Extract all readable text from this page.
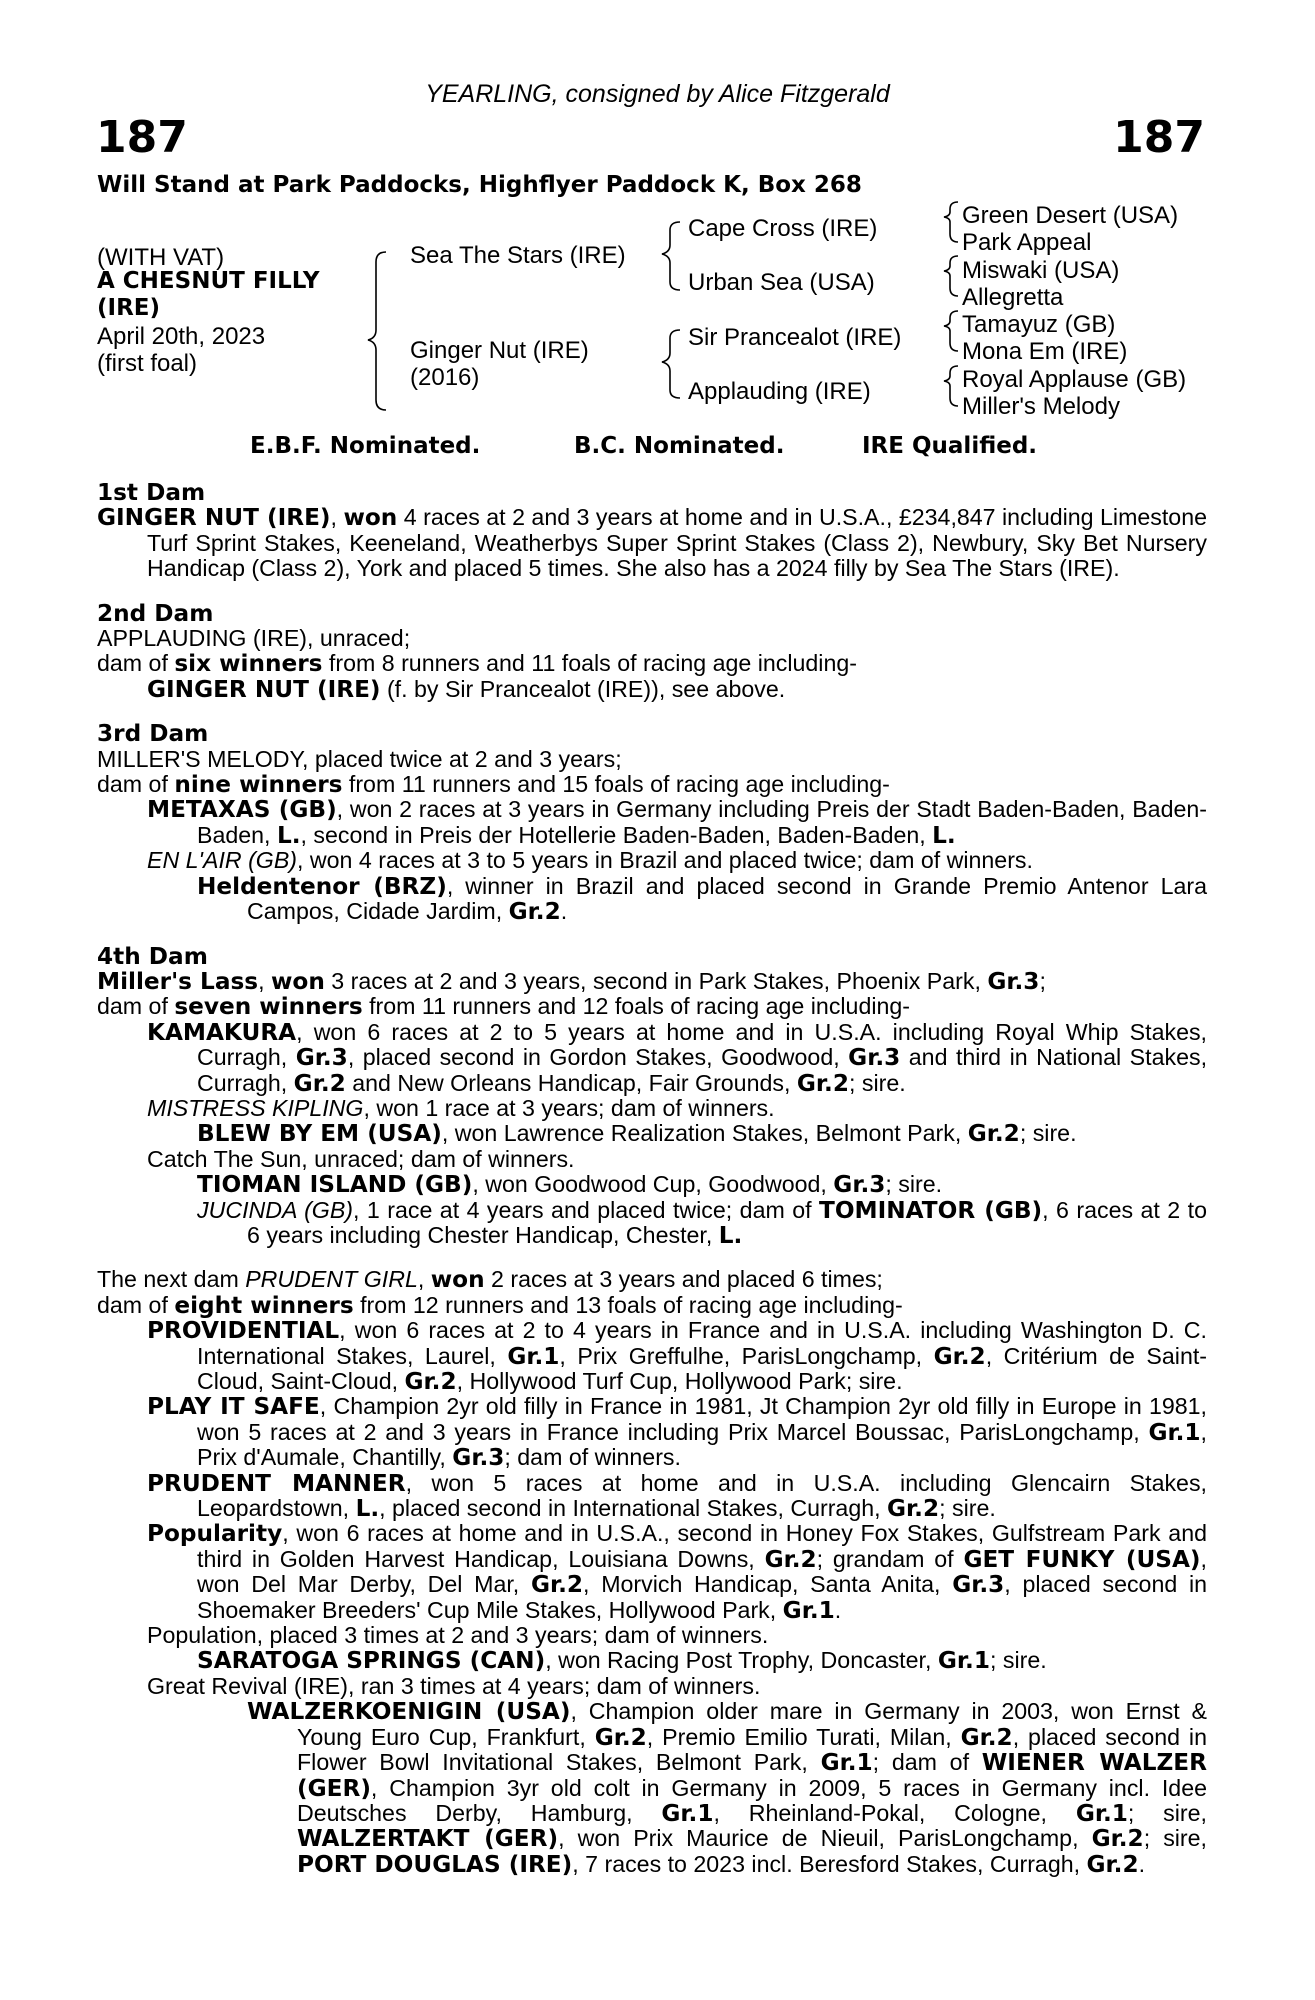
YEARLING, consigned by Alice Fitzgerald
187	187
Will Stand at Park Paddocks, Highflyer Paddock K, Box 268
(WITH VAT)
A CHESNUT FILLY
(IRE)
April 20th, 2023
(first foal)
Sea The Stars (IRE)
Ginger Nut (IRE)
(2016)
Cape Cross (IRE)
Urban Sea (USA)
Sir Prancealot (IRE)
Applauding (IRE)
Green Desert (USA)
Park Appeal
Miswaki (USA)
Allegretta
Tamayuz (GB)
Mona Em (IRE)
Royal Applause (GB)
Miller's Melody
E.B.F. Nominated.	B.C. Nominated.	IRE Qualified.
1st Dam
GINGER NUT (IRE), won 4 races at 2 and 3 years at home and in U.S.A., £234,847 including Limestone Turf Sprint Stakes, Keeneland, Weatherbys Super Sprint Stakes (Class 2), Newbury, Sky Bet Nursery Handicap (Class 2), York and placed 5 times. She also has a 2024 filly by Sea The Stars (IRE).
2nd Dam
APPLAUDING (IRE), unraced;
dam of six winners from 8 runners and 11 foals of racing age including-
GINGER NUT (IRE) (f. by Sir Prancealot (IRE)), see above.
3rd Dam
MILLER'S MELODY, placed twice at 2 and 3 years;
dam of nine winners from 11 runners and 15 foals of racing age including-
METAXAS (GB), won 2 races at 3 years in Germany including Preis der Stadt Baden-Baden, Baden-Baden, L., second in Preis der Hotellerie Baden-Baden, Baden-Baden, L.
EN L'AIR (GB), won 4 races at 3 to 5 years in Brazil and placed twice; dam of winners.
Heldentenor (BRZ), winner in Brazil and placed second in Grande Premio Antenor Lara Campos, Cidade Jardim, Gr.2.
4th Dam
Miller's Lass, won 3 races at 2 and 3 years, second in Park Stakes, Phoenix Park, Gr.3;
dam of seven winners from 11 runners and 12 foals of racing age including-
KAMAKURA, won 6 races at 2 to 5 years at home and in U.S.A. including Royal Whip Stakes, Curragh, Gr.3, placed second in Gordon Stakes, Goodwood, Gr.3 and third in National Stakes, Curragh, Gr.2 and New Orleans Handicap, Fair Grounds, Gr.2; sire.
MISTRESS KIPLING, won 1 race at 3 years; dam of winners.
BLEW BY EM (USA), won Lawrence Realization Stakes, Belmont Park, Gr.2; sire.
Catch The Sun, unraced; dam of winners.
TIOMAN ISLAND (GB), won Goodwood Cup, Goodwood, Gr.3; sire.
JUCINDA (GB), 1 race at 4 years and placed twice; dam of TOMINATOR (GB), 6 races at 2 to 6 years including Chester Handicap, Chester, L.
The next dam PRUDENT GIRL, won 2 races at 3 years and placed 6 times;
dam of eight winners from 12 runners and 13 foals of racing age including-
PROVIDENTIAL, won 6 races at 2 to 4 years in France and in U.S.A. including Washington D. C. International Stakes, Laurel, Gr.1, Prix Greffulhe, ParisLongchamp, Gr.2, Critérium de Saint-Cloud, Saint-Cloud, Gr.2, Hollywood Turf Cup, Hollywood Park; sire.
PLAY IT SAFE, Champion 2yr old filly in France in 1981, Jt Champion 2yr old filly in Europe in 1981, won 5 races at 2 and 3 years in France including Prix Marcel Boussac, ParisLongchamp, Gr.1, Prix d'Aumale, Chantilly, Gr.3; dam of winners.
PRUDENT MANNER, won 5 races at home and in U.S.A. including Glencairn Stakes, Leopardstown, L., placed second in International Stakes, Curragh, Gr.2; sire.
Popularity, won 6 races at home and in U.S.A., second in Honey Fox Stakes, Gulfstream Park and third in Golden Harvest Handicap, Louisiana Downs, Gr.2; grandam of GET FUNKY (USA), won Del Mar Derby, Del Mar, Gr.2, Morvich Handicap, Santa Anita, Gr.3, placed second in Shoemaker Breeders' Cup Mile Stakes, Hollywood Park, Gr.1.
Population, placed 3 times at 2 and 3 years; dam of winners.
SARATOGA SPRINGS (CAN), won Racing Post Trophy, Doncaster, Gr.1; sire.
Great Revival (IRE), ran 3 times at 4 years; dam of winners.
WALZERKOENIGIN (USA), Champion older mare in Germany in 2003, won Ernst & Young Euro Cup, Frankfurt, Gr.2, Premio Emilio Turati, Milan, Gr.2, placed second in Flower Bowl Invitational Stakes, Belmont Park, Gr.1; dam of WIENER WALZER (GER), Champion 3yr old colt in Germany in 2009, 5 races in Germany incl. Idee Deutsches Derby, Hamburg, Gr.1, Rheinland-Pokal, Cologne, Gr.1; sire, WALZERTAKT (GER), won Prix Maurice de Nieuil, ParisLongchamp, Gr.2; sire, PORT DOUGLAS (IRE), 7 races to 2023 incl. Beresford Stakes, Curragh, Gr.2.
